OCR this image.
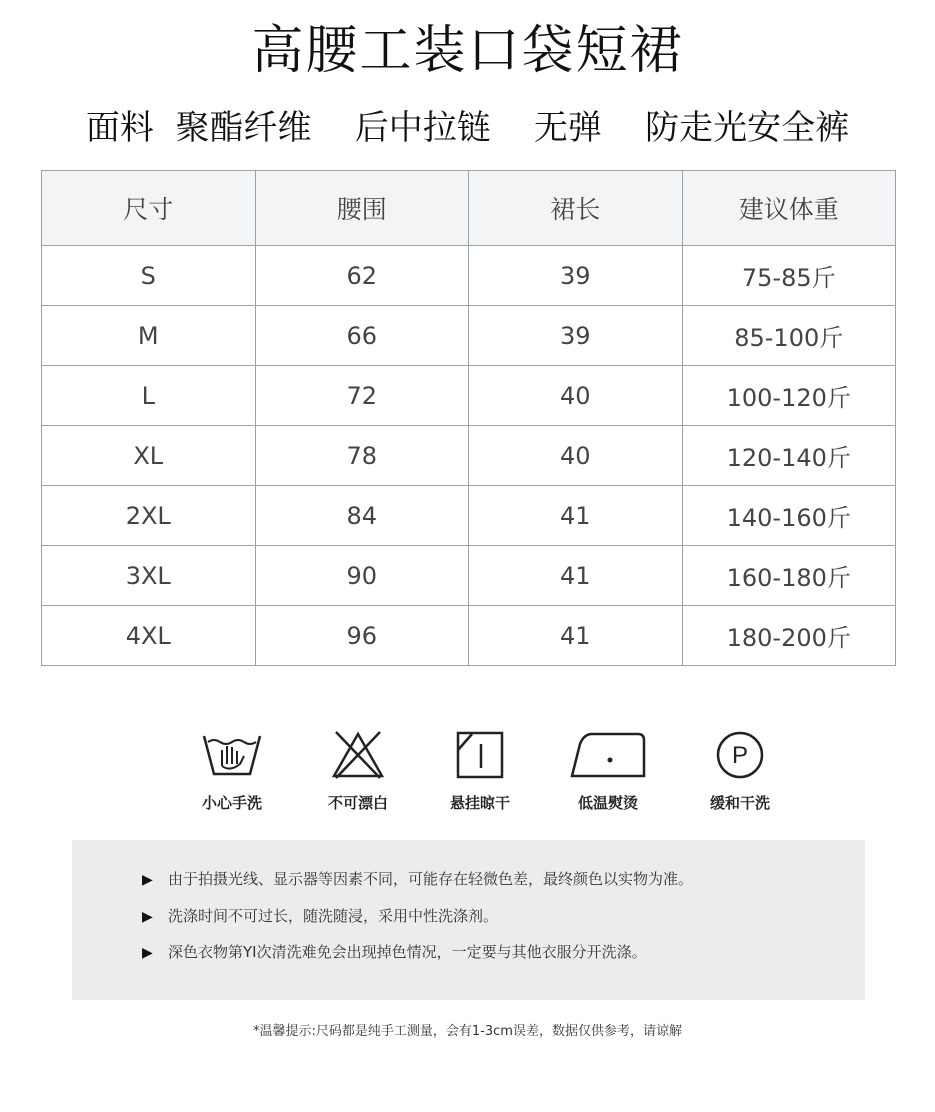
高腰工装口袋短裙
面料  聚酯纤维    后中拉链    无弹    防走光安全裤
尺寸	腰围	裙长	建议体重
S	62	39	75-85斤
M	66	39	85-100斤
L	72	40	100-120斤
XL	78	40	120-140斤
2XL	84	41	140-160斤
3XL	90	41	160-180斤
4XL	96	41	180-200斤
小心手洗	不可漂白	悬挂晾干	低温熨烫
P
缓和干洗
▶ 由于拍摄光线、显示器等因素不同，可能存在轻微色差，最终颜色以实物为准。
▶ 洗涤时间不可过长，随洗随浸，采用中性洗涤剂。
▶ 深色衣物第YI次清洗难免会出现掉色情况，一定要与其他衣服分开洗涤。
*温馨提示:尺码都是纯手工测量，会有1-3cm误差，数据仅供参考，请谅解
